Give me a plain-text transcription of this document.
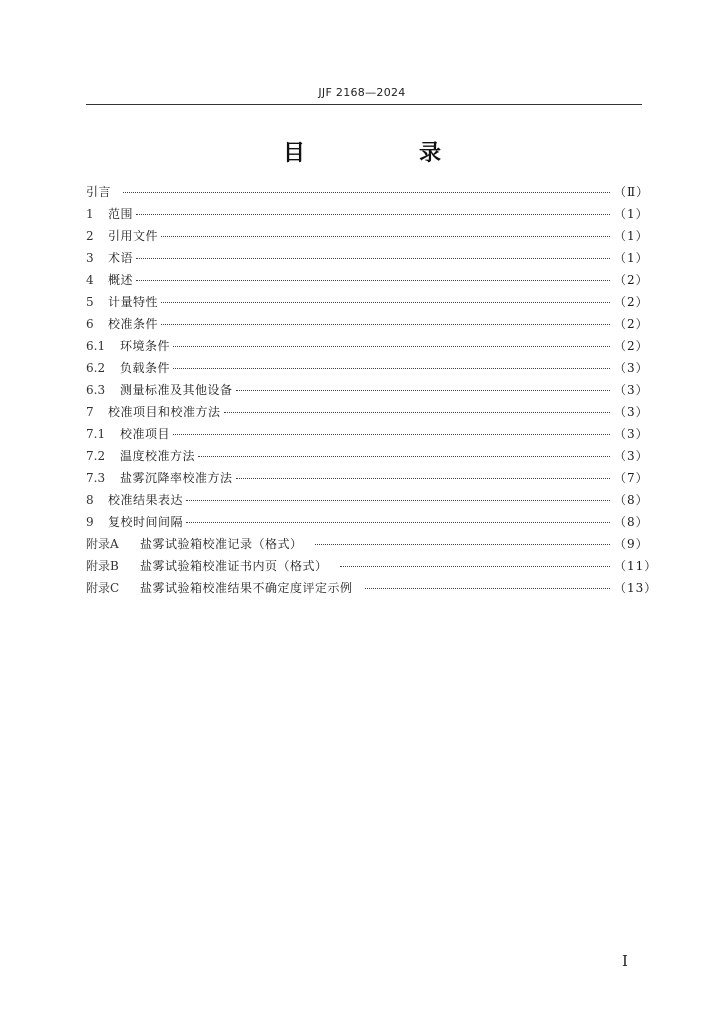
JJF 2168—2024
目　录
引言	（Ⅱ）
1	范围	（1）
2	引用文件	（1）
3	术语	（1）
4	概述	（2）
5	计量特性	（2）
6	校准条件	（2）
6.1	环境条件	（2）
6.2	负载条件	（3）
6.3	测量标准及其他设备	（3）
7	校准项目和校准方法	（3）
7.1	校准项目	（3）
7.2	温度校准方法	（3）
7.3	盐雾沉降率校准方法	（7）
8	校准结果表达	（8）
9	复校时间间隔	（8）
附录A	盐雾试验箱校准记录（格式）	（9）
附录B	盐雾试验箱校准证书内页（格式）	（11）
附录C	盐雾试验箱校准结果不确定度评定示例	（13）
I
